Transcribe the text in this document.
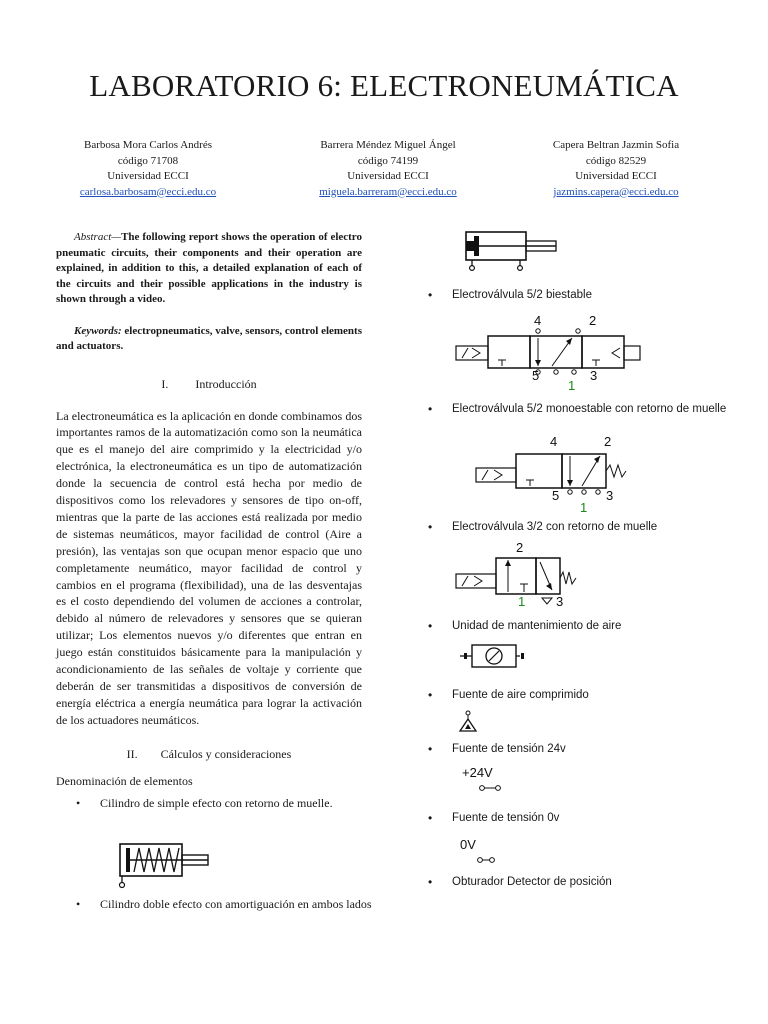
LABORATORIO 6: ELECTRONEUMÁTICA
Barbosa Mora Carlos Andrés
código 71708
Universidad ECCI
carlosa.barbosam@ecci.edu.co
Barrera Méndez Miguel Ángel
código 74199
Universidad ECCI
miguela.barreram@ecci.edu.co
Capera Beltran Jazmin Sofia
código 82529
Universidad ECCI
jazmins.capera@ecci.edu.co

Abstract—The following report shows the operation of electro pneumatic circuits, their components and their operation are explained, in addition to this, a detailed explanation of each of the circuits and their possible applications in the industry is shown through a video.

Keywords: electropneumatics, valve, sensors, control elements and actuators.

I. Introducción

La electroneumática es la aplicación en donde combinamos dos importantes ramos de la automatización como son la neumática que es el manejo del aire comprimido y la electricidad y/o electrónica, la electroneumática es un tipo de automatización donde la secuencia de control está hecha por medio de dispositivos como los relevadores y sensores de tipo on-off, mientras que la parte de las acciones está realizada por medio de sistemas neumáticos, mayor facilidad de control (Aire a presión), las ventajas son que ocupan menor espacio que uno completamente neumático, mayor facilidad de control y cambios en el programa (flexibilidad), una de las desventajas es el costo dependiendo del volumen de acciones a controlar, debido al número de relevadores y sensores que se quieran utilizar; Los elementos nuevos y/o diferentes que entran en juego están constituidos básicamente para la manipulación y acondicionamiento de las señales de voltaje y corriente que deberán de ser transmitidas a dispositivos de conversión de energía eléctrica a energía neumática para lograr la activación de los actuadores neumáticos.

II. Cálculos y consideraciones

Denominación de elementos

• Cilindro de simple efecto con retorno de muelle.

• Cilindro doble efecto con amortiguación en ambos lados

• Electroválvula 5/2 biestable
4	2
5
1
3
• Electroválvula 5/2 monoestable con retorno de muelle
4	2
5
1
3
• Electroválvula 3/2 con retorno de muelle
2
1 3
• Unidad de mantenimiento de aire
• Fuente de aire comprimido
• Fuente de tensión 24v
+24V
• Fuente de tensión 0v
0V
• Obturador Detector de posición
